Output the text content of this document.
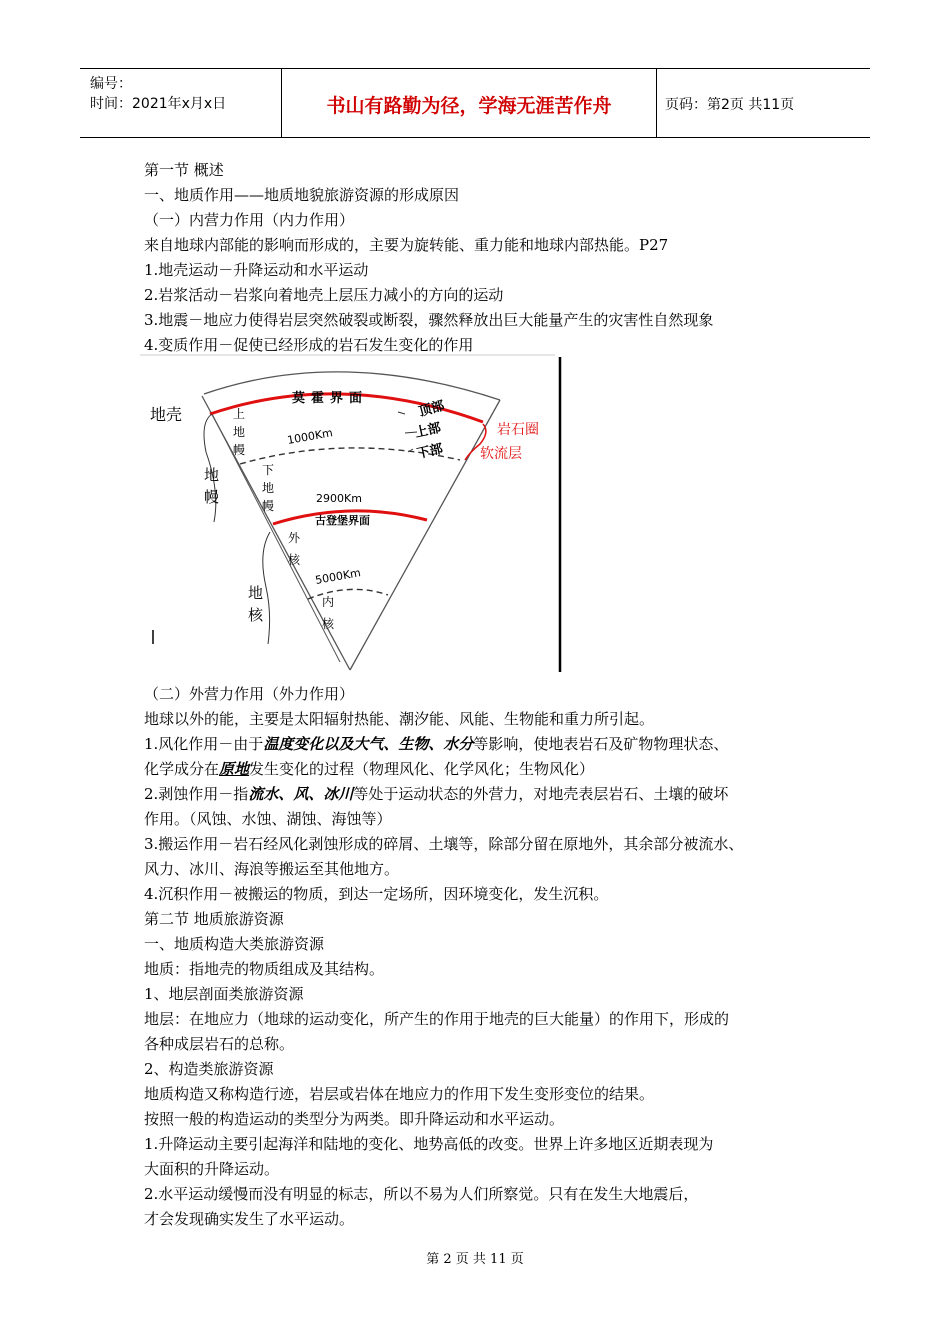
编号：
时间：2021年x月x日	书山有路勤为径，学海无涯苦作舟	页码：第2页 共11页
第一节 概述
一、地质作用——地质地貌旅游资源的形成原因
（一）内营力作用（内力作用）
来自地球内部能的影响而形成的，主要为旋转能、重力能和地球内部热能。P27
1.地壳运动－升降运动和水平运动
2.岩浆活动－岩浆向着地壳上层压力减小的方向的运动
3.地震－地应力使得岩层突然破裂或断裂，骤然释放出巨大能量产生的灾害性自然现象
4.变质作用－促使已经形成的岩石发生变化的作用
（二）外营力作用（外力作用）
地球以外的能，主要是太阳辐射热能、潮汐能、风能、生物能和重力所引起。
1.风化作用－由于温度变化以及大气、生物、水分等影响，使地表岩石及矿物物理状态、
化学成分在原地发生变化的过程（物理风化、化学风化；生物风化）
2.剥蚀作用－指流水、风、冰川等处于运动状态的外营力，对地壳表层岩石、土壤的破坏
作用。（风蚀、水蚀、湖蚀、海蚀等）
3.搬运作用－岩石经风化剥蚀形成的碎屑、土壤等，除部分留在原地外，其余部分被流水、
风力、冰川、海浪等搬运至其他地方。
4.沉积作用－被搬运的物质，到达一定场所，因环境变化，发生沉积。
第二节 地质旅游资源
一、地质构造大类旅游资源
地质：指地壳的物质组成及其结构。
1、地层剖面类旅游资源
地层：在地应力（地球的运动变化，所产生的作用于地壳的巨大能量）的作用下，形成的
各种成层岩石的总称。
2、构造类旅游资源
地质构造又称构造行迹，岩层或岩体在地应力的作用下发生变形变位的结果。
按照一般的构造运动的类型分为两类。即升降运动和水平运动。
1.升降运动主要引起海洋和陆地的变化、地势高低的改变。世界上许多地区近期表现为
大面积的升降运动。
2.水平运动缓慢而没有明显的标志，所以不易为人们所察觉。只有在发生大地震后，
才会发现确实发生了水平运动。
地壳
地幔
地核
莫霍界面
1000Km
2900Km
古登堡界面
5000Km
顶部
上部
下部
上地幔
下地幔
外核
内核
岩石圈
软流层
第 2 页 共 11 页
